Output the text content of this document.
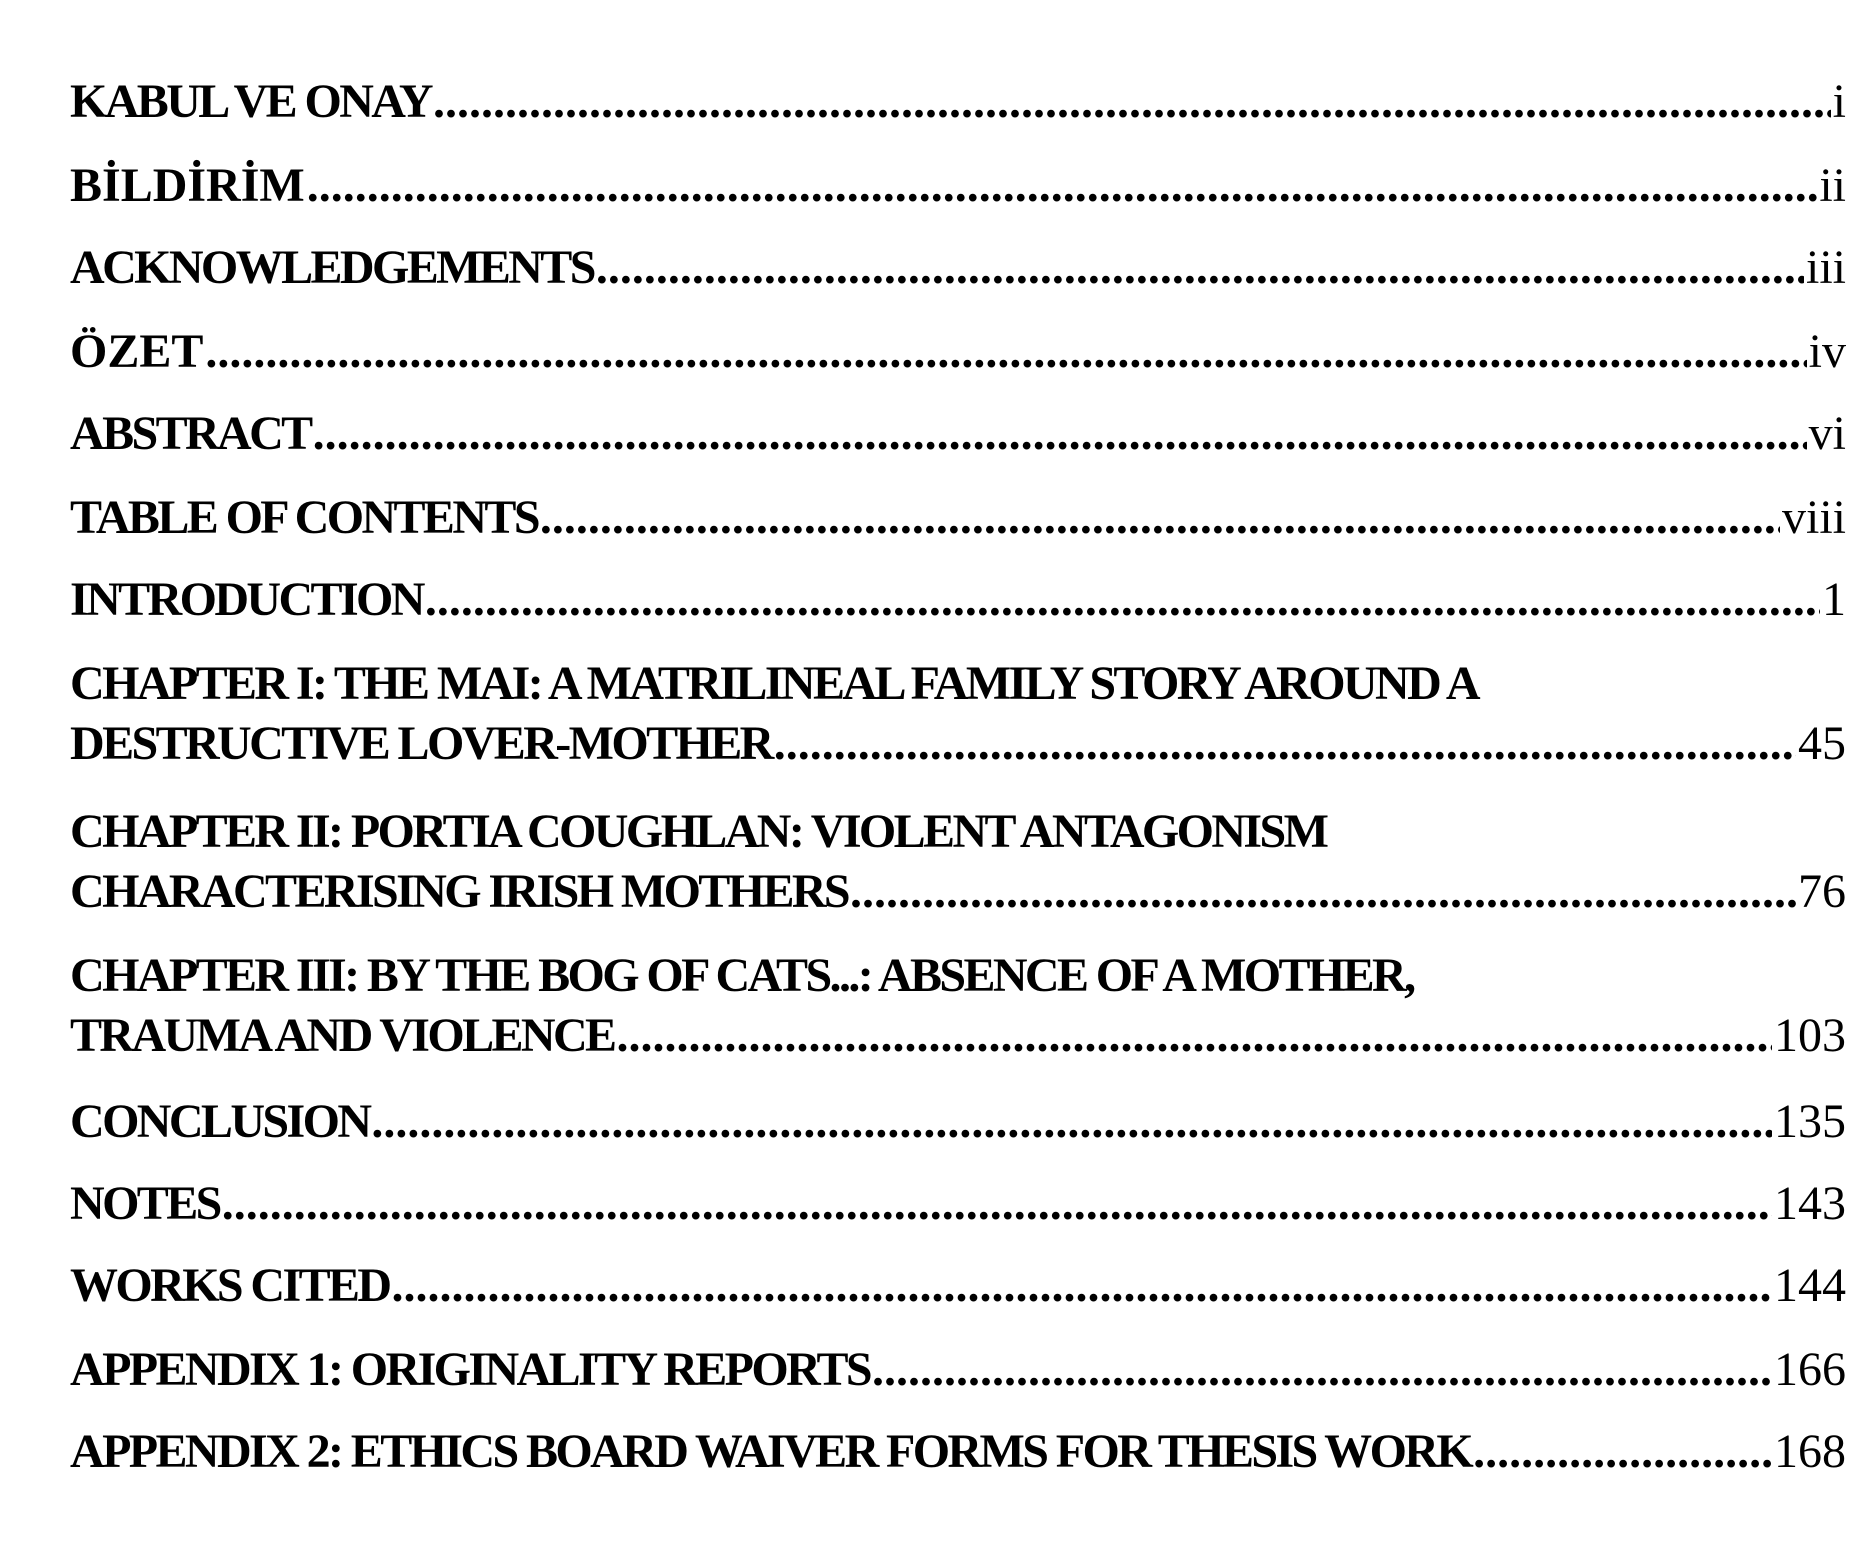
KABUL VE ONAY .....	i
BİLDİRİM .....	ii
ACKNOWLEDGEMENTS .....	iii
ÖZET .....	iv
ABSTRACT .....	vi
TABLE OF CONTENTS .....	viii
INTRODUCTION .....	1
CHAPTER I: THE MAI: A MATRILINEAL FAMILY STORY AROUND A
DESTRUCTIVE LOVER-MOTHER .....	45
CHAPTER II: PORTIA COUGHLAN: VIOLENT ANTAGONISM
CHARACTERISING IRISH MOTHERS .....	76
CHAPTER III: BY THE BOG OF CATS...: ABSENCE OF A MOTHER,
TRAUMA AND VIOLENCE .....	103
CONCLUSION .....	135
NOTES .....	143
WORKS CITED .....	144
APPENDIX 1: ORIGINALITY REPORTS .....	166
APPENDIX 2: ETHICS BOARD WAIVER FORMS FOR THESIS WORK .....	168
